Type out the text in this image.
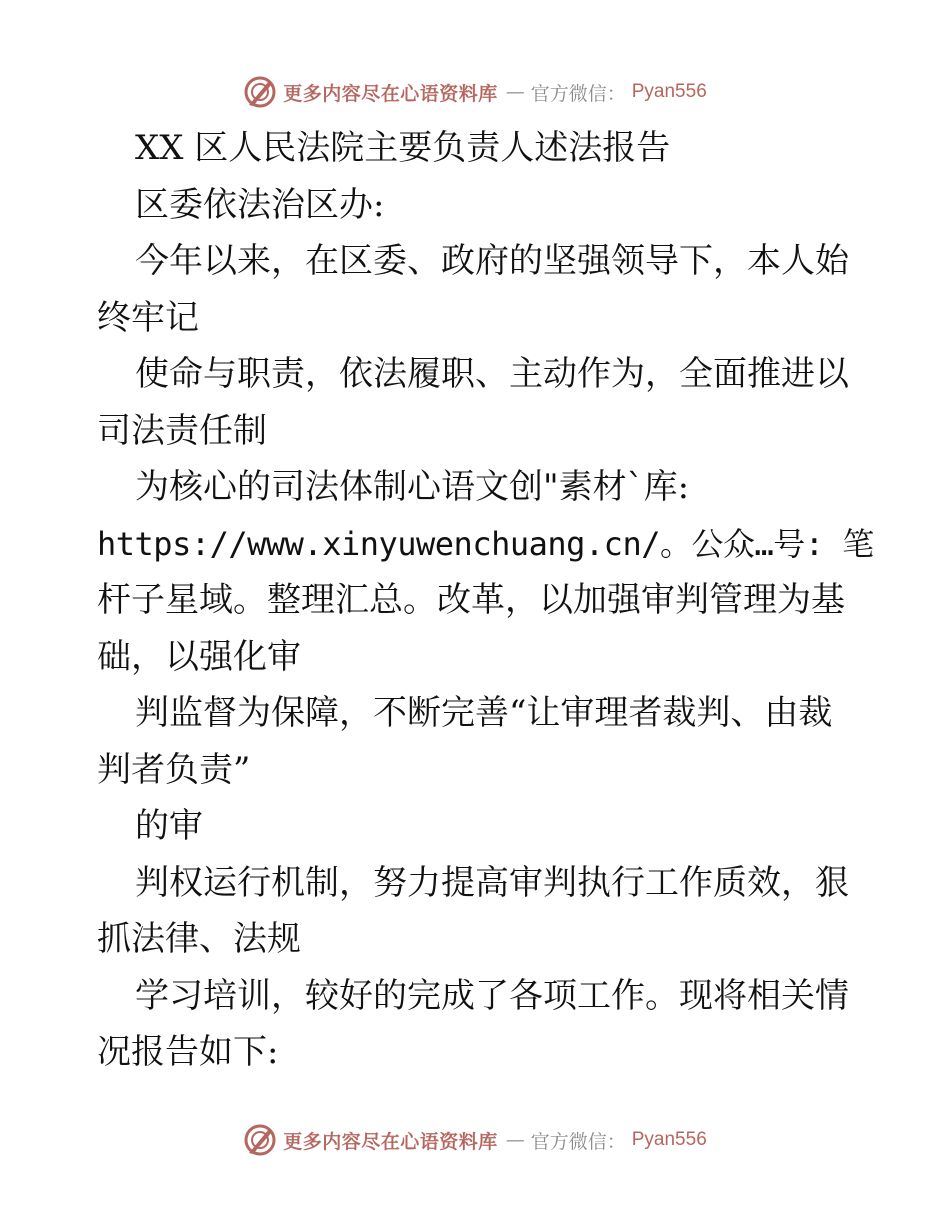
更多内容尽在心语资料库 — 官方微信： Pyan556
XX 区人民法院主要负责人述法报告
区委依法治区办:
今年以来，在区委、政府的坚强领导下，本人始
终牢记
使命与职责，依法履职、主动作为，全面推进以
司法责任制
为核心的司法体制心语文创"素材`库:
https://www.xinyuwenchuang.cn/。公众…号: 笔
杆子星域。整理汇总。改革，以加强审判管理为基
础，以强化审
判监督为保障，不断完善“让审理者裁判、由裁
判者负责”
的审
判权运行机制，努力提高审判执行工作质效，狠
抓法律、法规
学习培训，较好的完成了各项工作。现将相关情
况报告如下:
更多内容尽在心语资料库 — 官方微信： Pyan556
